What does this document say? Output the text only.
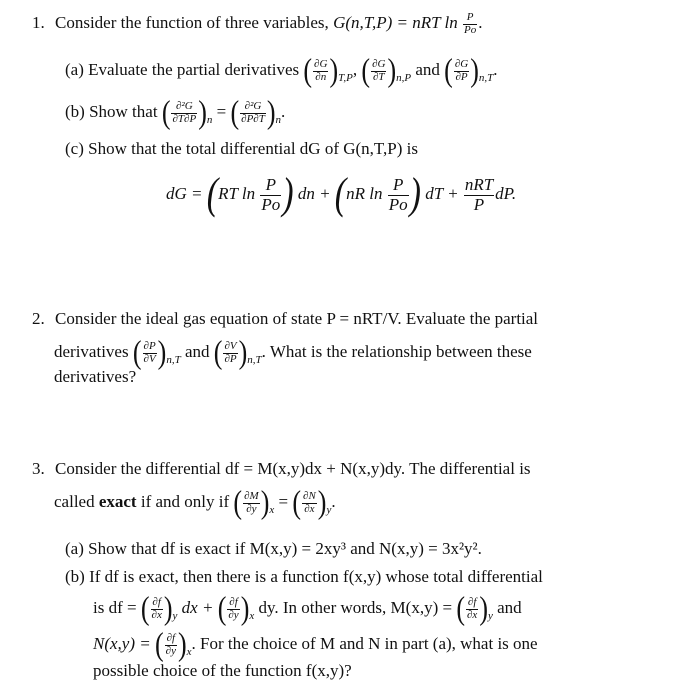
1. Consider the function of three variables, G(n,T,P) = nRT $\ln \frac{P}{Po}$ .
(a) Evaluate the partial derivatives ( $\frac{\partial G}{\partial n} )_{T,P}$, ( $\frac{\partial G}{\partial T} )_{n,P}$ and ( $\frac{\partial G}{\partial P} )_{n,T}$.
(b) Show that ( $\frac{\text{∂²G}}{\partial T\partial P} )_n$ = ( $\frac{\text{∂²G}}{\partial P\partial T} )_n$.
(c) Show that the total differential dG of G(n,T,P) is
dG = (RT $\ln \frac{P}{Po}$ ) dn + (nR $\ln \frac{P}{Po}$ ) dT + nRT
P
dP.
2. Consider the ideal gas equation of state P = nRT/V. Evaluate the partial
derivatives ( $\frac{\partial P}{\partial V} )_{n,T}$ and ( $\frac{\partial V}{\partial P} )_{n,T}$. What is the relationship between these
derivatives?
3. Consider the differential df = M(x,y)dx + N(x,y)dy. The differential is
called exact if and only if ( $\frac{\partial M}{\partial y} )_x$ = ( $\frac{\partial N}{\partial x} )_y$.
(a) Show that df is exact if M(x,y) = 2xy³ and N(x,y) = 3x²y².
(b) If df is exact, then there is a function f(x,y) whose total differential
is df = ( $\frac{\partial f}{\partial x} )_y$ dx + ( $\frac{\partial f}{\partial y} )_x$ dy. In other words, M(x,y) = ( $\frac{\partial f}{\partial x} )_y$ and
N(x,y) = ( $\frac{\partial f}{\partial y} )_x$. For the choice of M and N in part (a), what is one
possible choice of the function f(x,y)?
